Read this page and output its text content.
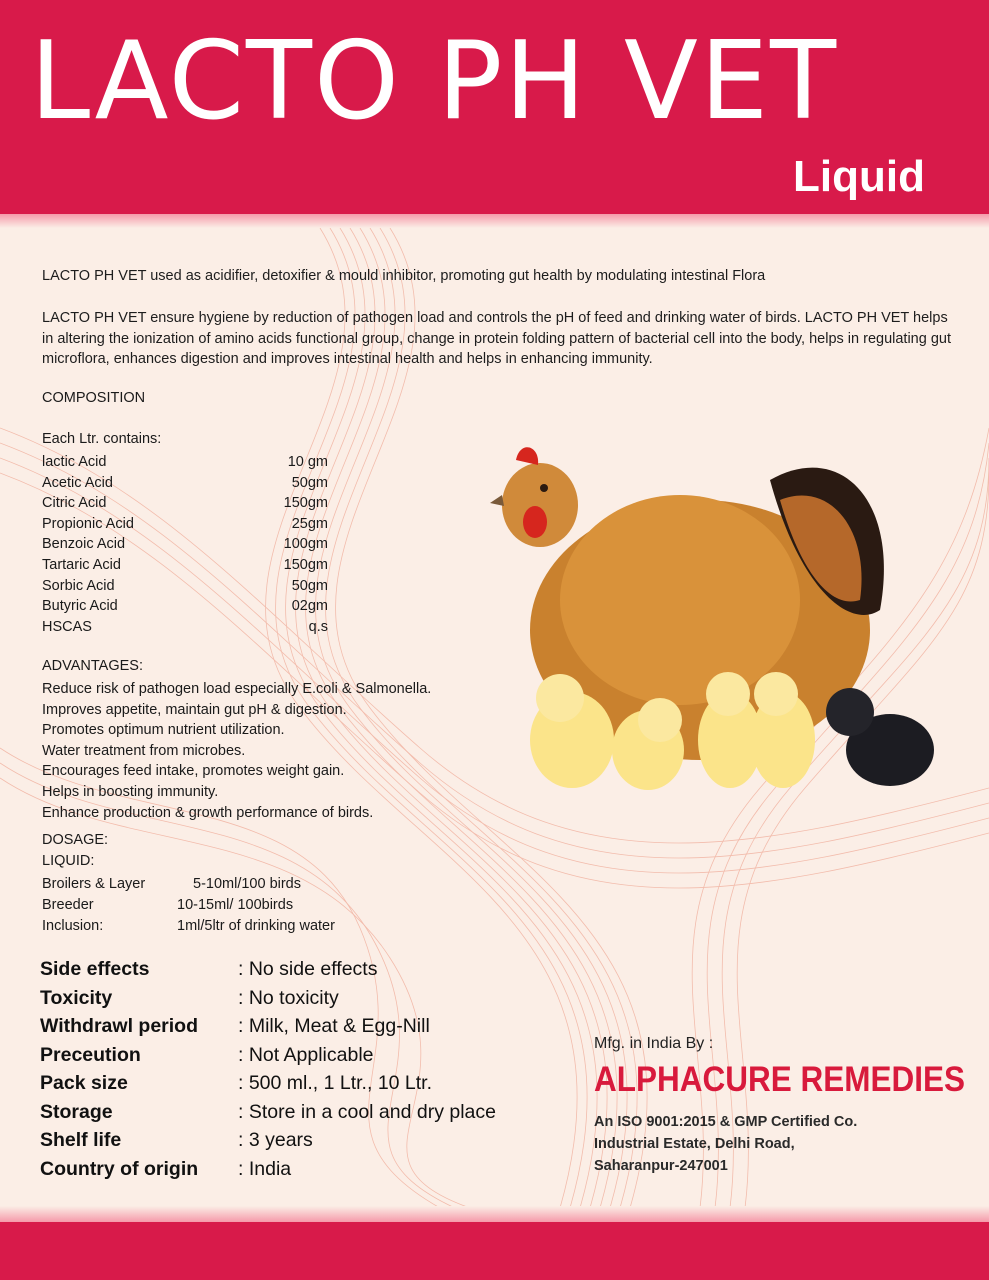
LACTO PH VET
Liquid

LACTO PH VET used as acidifier, detoxifier & mould inhibitor, promoting gut health by modulating intestinal Flora

LACTO PH VET ensure hygiene by reduction of pathogen load and controls the pH of feed and drinking water of birds. LACTO PH VET helps in altering the ionization of amino acids functional group, change in protein folding pattern of bacterial cell into the body, helps in regulating gut microflora, enhances digestion and improves intestinal health and helps in enhancing immunity.

COMPOSITION
Each Ltr. contains:
lactic Acid	10 gm
Acetic Acid	50gm
Citric Acid	150gm
Propionic Acid	25gm
Benzoic Acid	100gm
Tartaric Acid	150gm
Sorbic Acid	50gm
Butyric Acid	02gm
HSCAS	q.s
ADVANTAGES:
Reduce risk of pathogen load especially E.coli & Salmonella.
Improves appetite, maintain gut pH & digestion.
Promotes optimum nutrient utilization.
Water treatment from microbes.
Encourages feed intake, promotes weight gain.
Helps in boosting immunity.
Enhance production & growth performance of birds.
DOSAGE:
LIQUID:
Broilers & Layer	5-10ml/100 birds
Breeder	10-15ml/ 100birds
Inclusion:	1ml/5ltr of drinking water
Side effects	: No side effects
Toxicity	: No toxicity
Withdrawl period : Milk, Meat & Egg-Nill
Preceution	: Not Applicable
Pack size	: 500 ml., 1 Ltr., 10 Ltr.
Storage	: Store in a cool and dry place
Shelf life	: 3 years
Country of origin : India
Mfg. in India By :
ALPHACURE REMEDIES
An ISO 9001:2015 & GMP Certified Co.
Industrial Estate, Delhi Road,
Saharanpur-247001
